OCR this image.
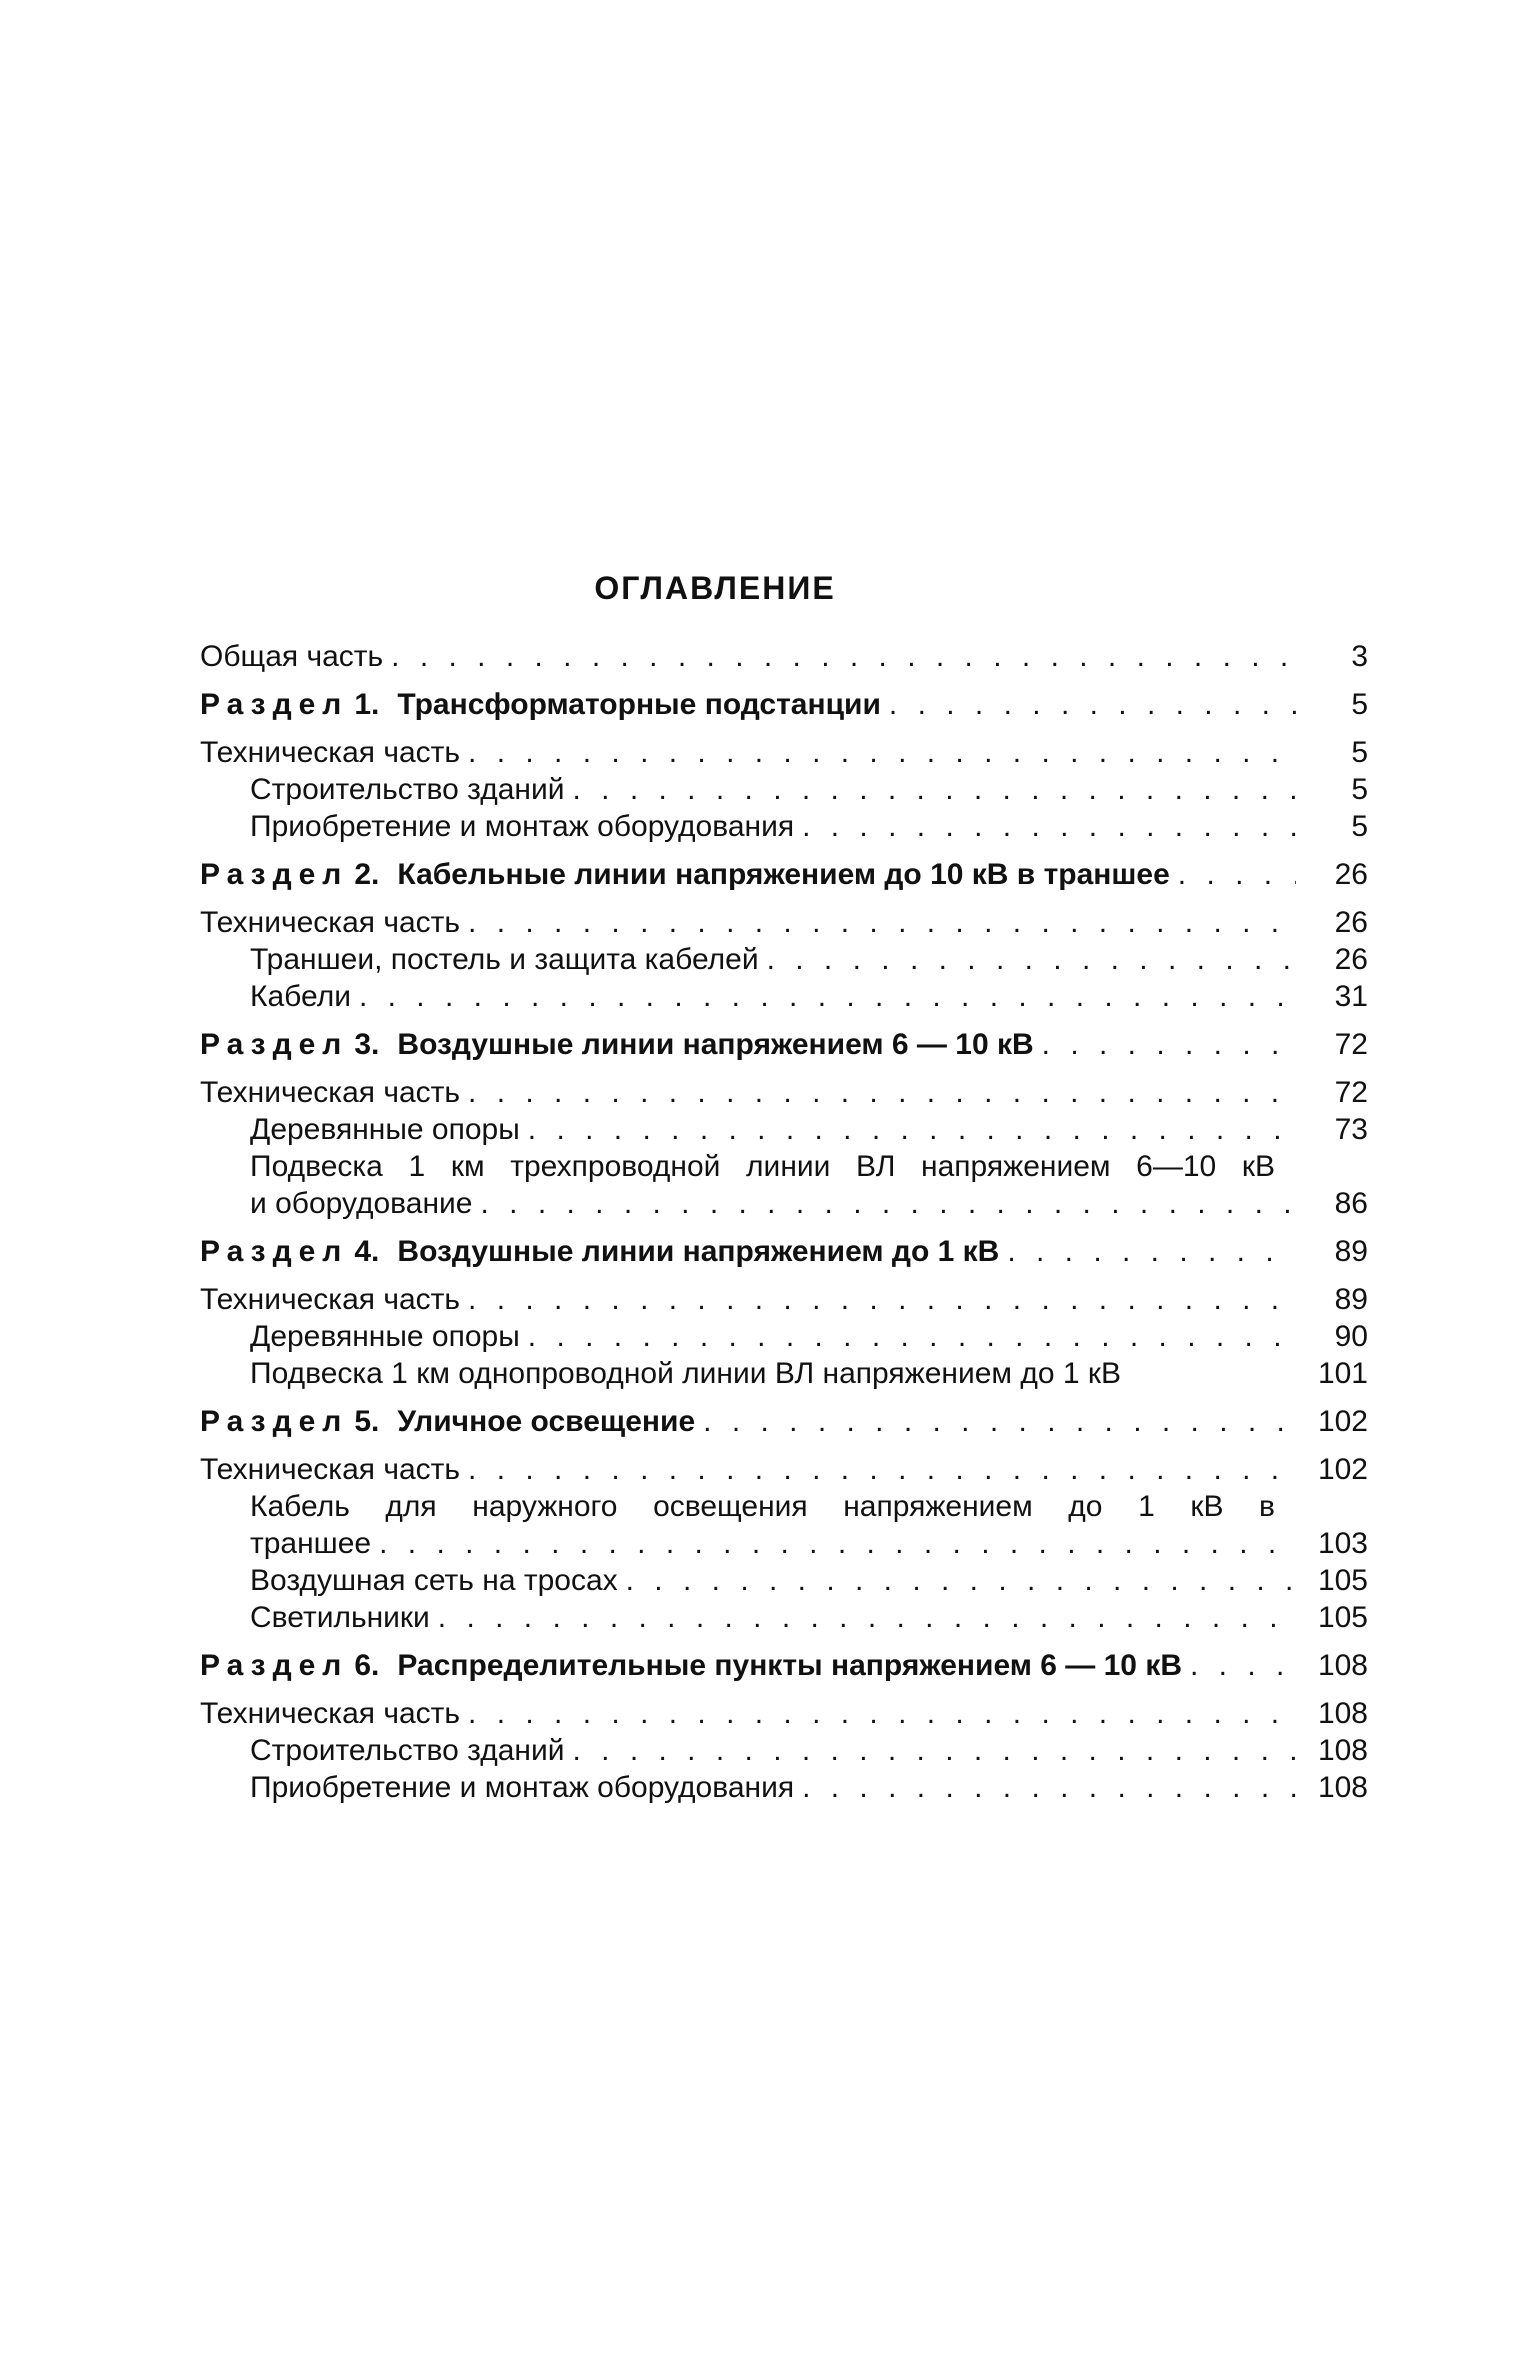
ОГЛАВЛЕНИЕ
Общая часть . . .	3
Раздел 1. Трансформаторные подстанции . . .	5
Техническая часть . . .	5
Строительство зданий . . .	5
Приобретение и монтаж оборудования . . .	5
Раздел 2. Кабельные линии напряжением до 10 кВ в траншее . . .	26
Техническая часть . . .	26
Траншеи, постель и защита кабелей . . .	26
Кабели . . .	31
Раздел 3. Воздушные линии напряжением 6 — 10 кВ . . .	72
Техническая часть . . .	72
Деревянные опоры . . .	73
Подвеска 1 км трехпроводной линии ВЛ напряжением 6—10 кВ
и оборудование . . .	86
Раздел 4. Воздушные линии напряжением до 1 кВ . . .	89
Техническая часть . . .	89
Деревянные опоры . . .	90
Подвеска 1 км однопроводной линии ВЛ напряжением до 1 кВ	101
Раздел 5. Уличное освещение . . .	102
Техническая часть . . .	102
Кабель для наружного освещения напряжением до 1 кВ в
траншее . . .	103
Воздушная сеть на тросах . . .	105
Светильники . . .	105
Раздел 6. Распределительные пункты напряжением 6 — 10 кВ . . .	108
Техническая часть . . .	108
Строительство зданий . . .	108
Приобретение и монтаж оборудования . . .	108
